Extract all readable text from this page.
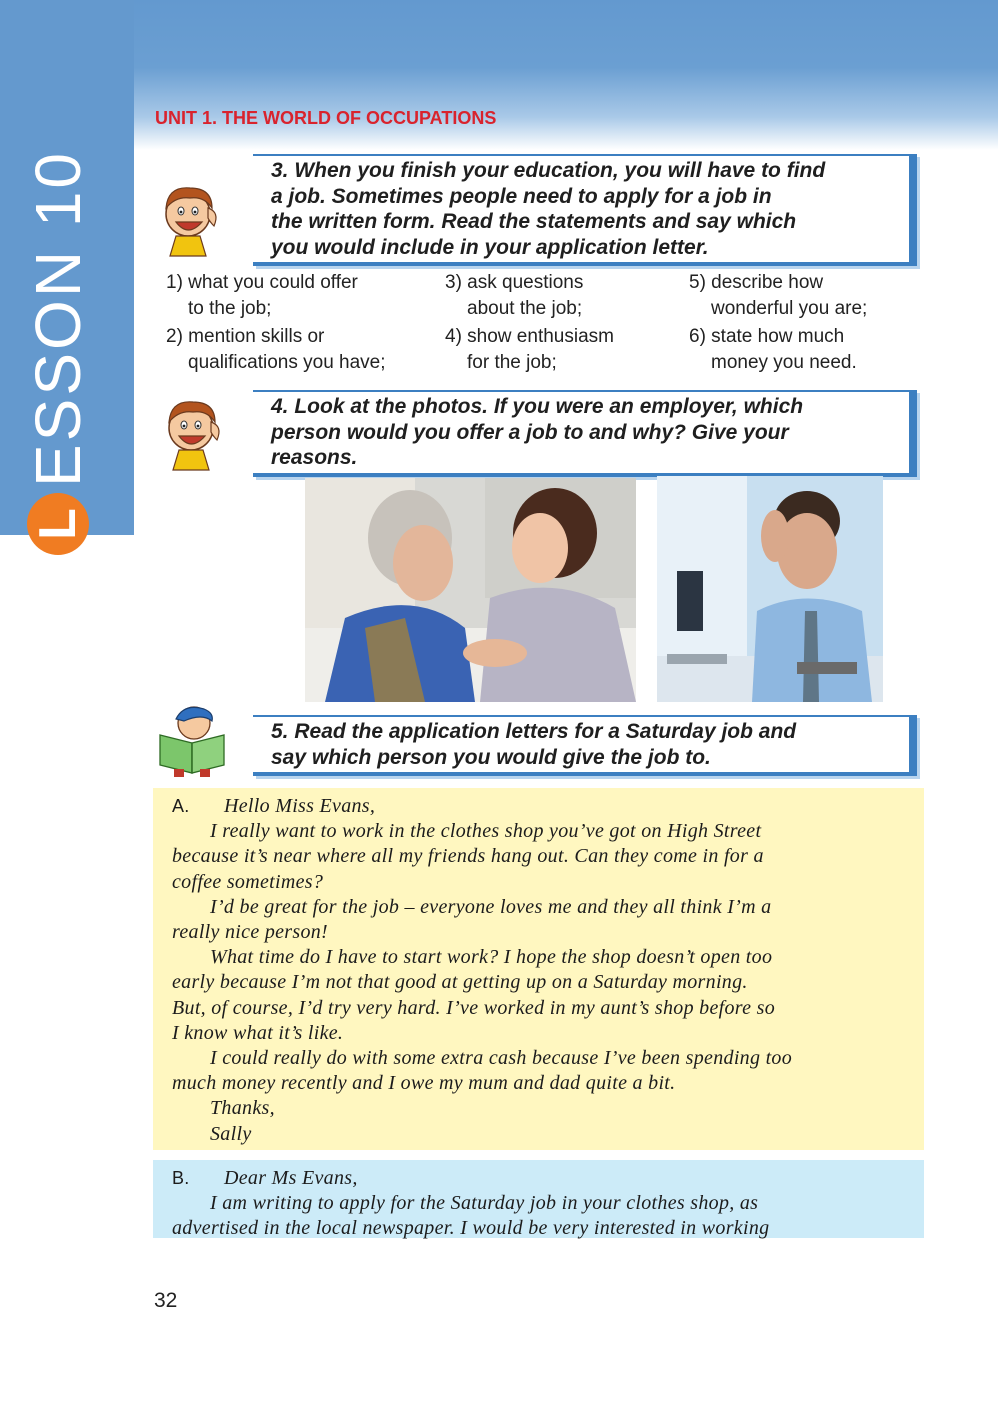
L
ESSON 10
UNIT 1. THE WORLD OF OCCUPATIONS
3. When you finish your education, you will have to find
a job. Sometimes people need to apply for a job in
the written form. Read the statements and say which
you would include in your application letter.
1) what you could offer
to the job;
2) mention skills or
qualifications you have;
3) ask questions
about the job;
4) show enthusiasm
for the job;
5) describe how
wonderful you are;
6) state how much
money you need.
4. Look at the photos. If you were an employer, which
person would you offer a job to and why? Give your
reasons.
5. Read the application letters for a Saturday job and
say which person you would give the job to.

A. Hello Miss Evans,

I really want to work in the clothes shop you’ve got on High Street

because it’s near where all my friends hang out. Can they come in for a

coffee sometimes?

I’d be great for the job – everyone loves me and they all think I’m a

really nice person!

What time do I have to start work? I hope the shop doesn’t open too

early because I’m not that good at getting up on a Saturday morning.

But, of course, I’d try very hard. I’ve worked in my aunt’s shop before so

I know what it’s like.

I could really do with some extra cash because I’ve been spending too

much money recently and I owe my mum and dad quite a bit.

Thanks,

Sally

B. Dear Ms Evans,

I am writing to apply for the Saturday job in your clothes shop, as

advertised in the local newspaper. I would be very interested in working

32
